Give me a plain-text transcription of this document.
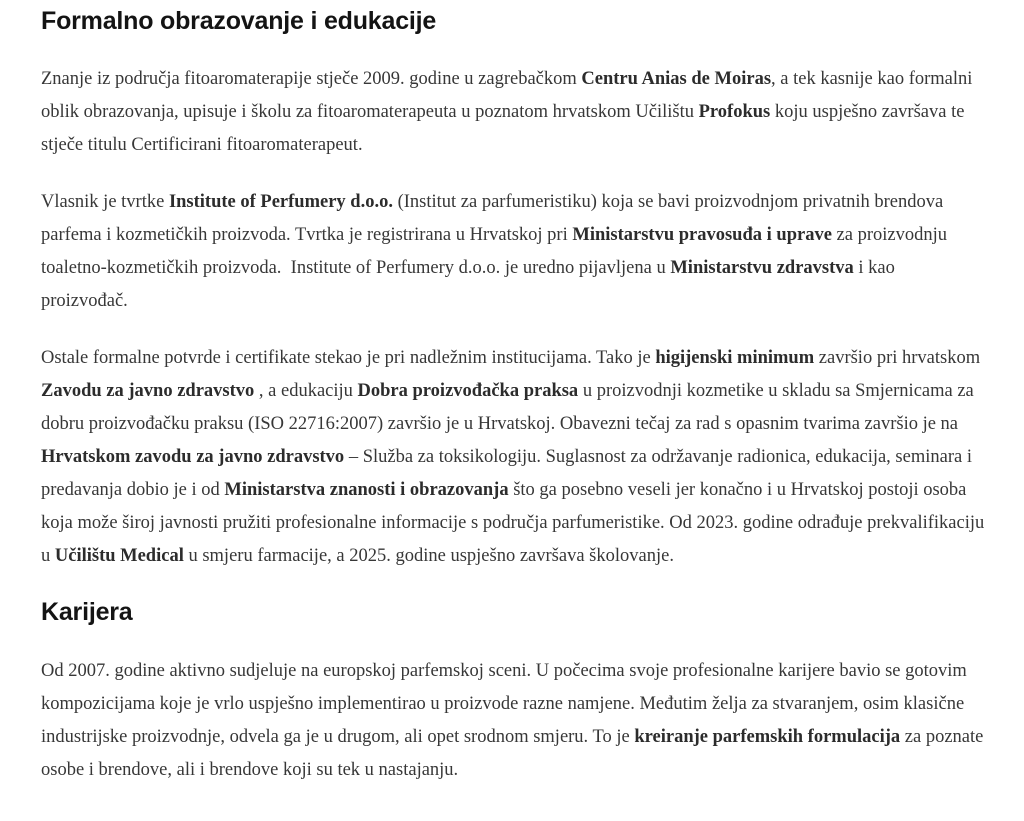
Formalno obrazovanje i edukacije

Znanje iz područja fitoaromaterapije stječe 2009. godine u zagrebačkom Centru Anias de Moiras, a tek kasnije kao formalni oblik obrazovanja, upisuje i školu za fitoaromaterapeuta u poznatom hrvatskom Učilištu Profokus koju uspješno završava te stječe titulu Certificirani fitoaromaterapeut.

Vlasnik je tvrtke Institute of Perfumery d.o.o. (Institut za parfumeristiku) koja se bavi proizvodnjom privatnih brendova parfema i kozmetičkih proizvoda. Tvrtka je registrirana u Hrvatskoj pri Ministarstvu pravosuđa i uprave za proizvodnju toaletno-kozmetičkih proizvoda.  Institute of Perfumery d.o.o. je uredno pijavljena u Ministarstvu zdravstva i kao proizvođač.

Ostale formalne potvrde i certifikate stekao je pri nadležnim institucijama. Tako je higijenski minimum završio pri hrvatskom Zavodu za javno zdravstvo , a edukaciju Dobra proizvođačka praksa u proizvodnji kozmetike u skladu sa Smjernicama za dobru proizvođačku praksu (ISO 22716:2007) završio je u Hrvatskoj. Obavezni tečaj za rad s opasnim tvarima završio je na Hrvatskom zavodu za javno zdravstvo – Služba za toksikologiju. Suglasnost za održavanje radionica, edukacija, seminara i predavanja dobio je i od Ministarstva znanosti i obrazovanja što ga posebno veseli jer konačno i u Hrvatskoj postoji osoba koja može široj javnosti pružiti profesionalne informacije s područja parfumeristike. Od 2023. godine odrađuje prekvalifikaciju u Učilištu Medical u smjeru farmacije, a 2025. godine uspješno završava školovanje.

Karijera

Od 2007. godine aktivno sudjeluje na europskoj parfemskoj sceni. U počecima svoje profesionalne karijere bavio se gotovim kompozicijama koje je vrlo uspješno implementirao u proizvode razne namjene. Međutim želja za stvaranjem, osim klasične industrijske proizvodnje, odvela ga je u drugom, ali opet srodnom smjeru. To je kreiranje parfemskih formulacija za poznate osobe i brendove, ali i brendove koji su tek u nastajanju.
